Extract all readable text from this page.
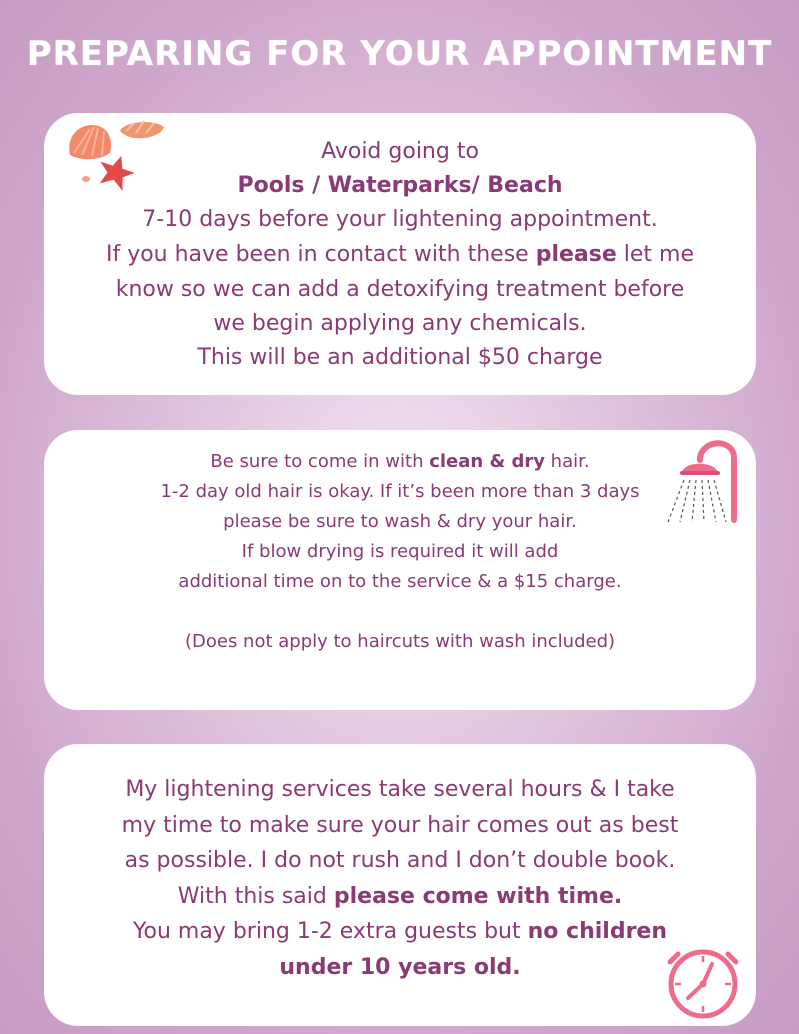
PREPARING FOR YOUR APPOINTMENT
Avoid going to
Pools / Waterparks/ Beach
7-10 days before your lightening appointment.
If you have been in contact with these please let me
know so we can add a detoxifying treatment before
we begin applying any chemicals.
This will be an additional $50 charge
Be sure to come in with clean & dry hair.
1-2 day old hair is okay. If it’s been more than 3 days
please be sure to wash & dry your hair.
If blow drying is required it will add
additional time on to the service & a $15 charge.
(Does not apply to haircuts with wash included)
My lightening services take several hours & I take
my time to make sure your hair comes out as best
as possible. I do not rush and I don’t double book.
With this said please come with time.
You may bring 1-2 extra guests but no children
under 10 years old.
